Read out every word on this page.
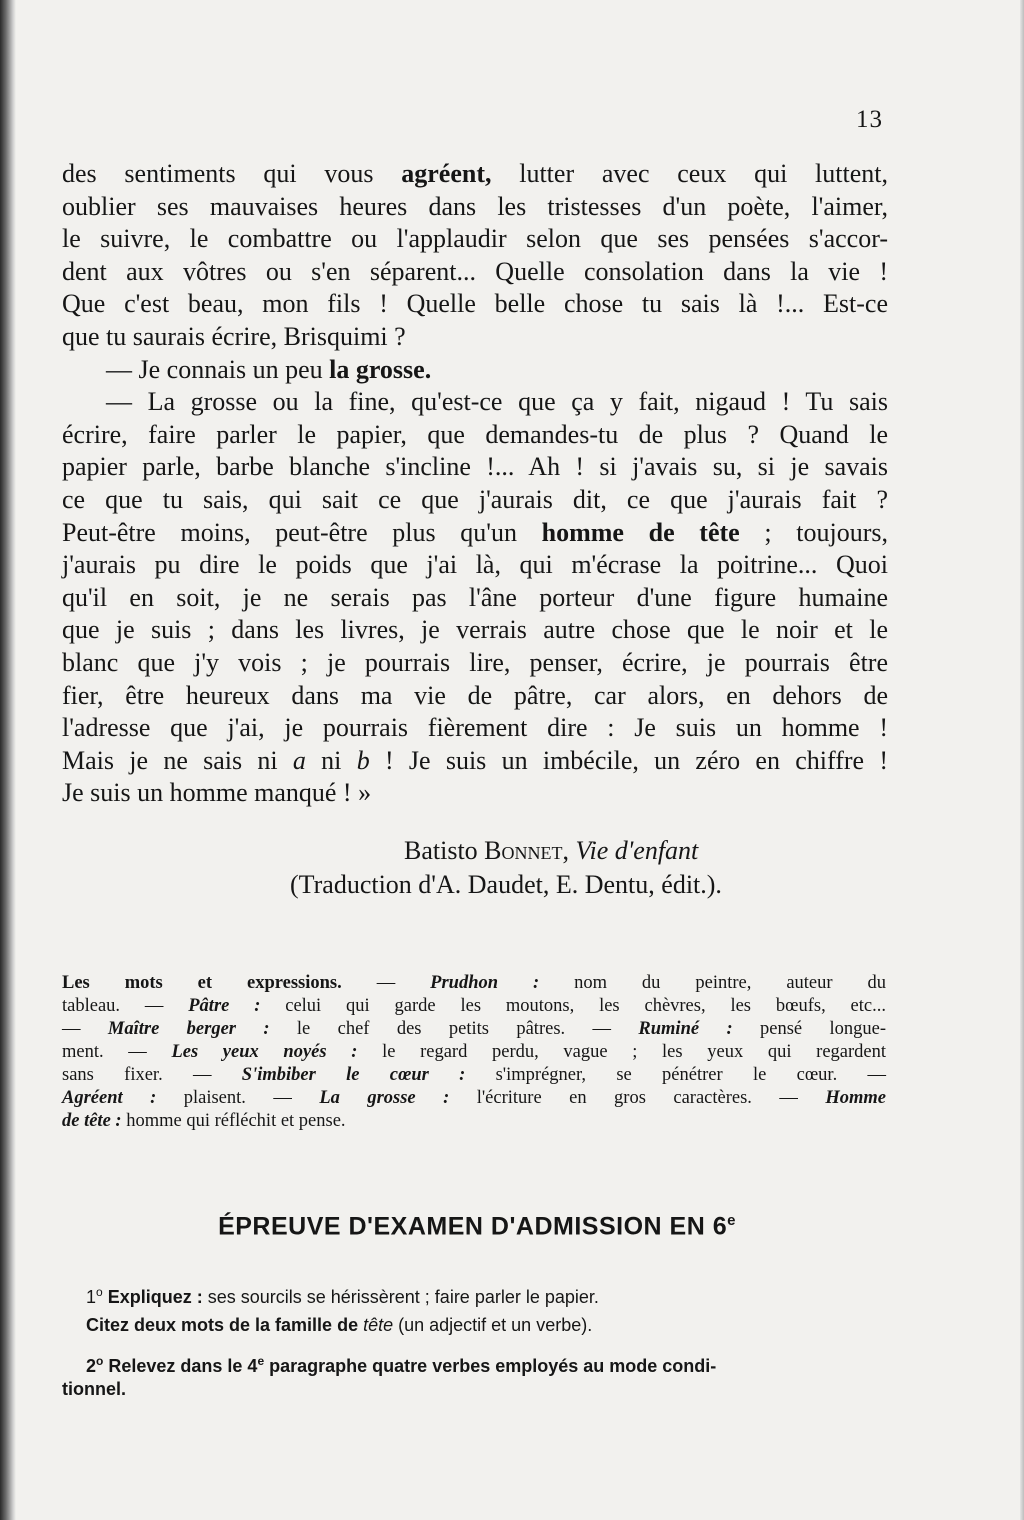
13
des sentiments qui vous agréent, lutter avec ceux qui luttent,
oublier ses mauvaises heures dans les tristesses d'un poète, l'aimer,
le suivre, le combattre ou l'applaudir selon que ses pensées s'accor-
dent aux vôtres ou s'en séparent... Quelle consolation dans la vie !
Que c'est beau, mon fils ! Quelle belle chose tu sais là !... Est-ce
que tu saurais écrire, Brisquimi ?
— Je connais un peu la grosse.
— La grosse ou la fine, qu'est-ce que ça y fait, nigaud ! Tu sais
écrire, faire parler le papier, que demandes-tu de plus ? Quand le
papier parle, barbe blanche s'incline !... Ah ! si j'avais su, si je savais
ce que tu sais, qui sait ce que j'aurais dit, ce que j'aurais fait ?
Peut-être moins, peut-être plus qu'un homme de tête ; toujours,
j'aurais pu dire le poids que j'ai là, qui m'écrase la poitrine... Quoi
qu'il en soit, je ne serais pas l'âne porteur d'une figure humaine
que je suis ; dans les livres, je verrais autre chose que le noir et le
blanc que j'y vois ; je pourrais lire, penser, écrire, je pourrais être
fier, être heureux dans ma vie de pâtre, car alors, en dehors de
l'adresse que j'ai, je pourrais fièrement dire : Je suis un homme !
Mais je ne sais ni a ni b ! Je suis un imbécile, un zéro en chiffre !
Je suis un homme manqué ! »
Batisto Bonnet, Vie d'enfant
(Traduction d'A. Daudet, E. Dentu, édit.).
Les mots et expressions. — Prudhon : nom du peintre, auteur du
tableau. — Pâtre : celui qui garde les moutons, les chèvres, les bœufs, etc...
— Maître berger : le chef des petits pâtres. — Ruminé : pensé longue-
ment. — Les yeux noyés : le regard perdu, vague ; les yeux qui regardent
sans fixer. — S'imbiber le cœur : s'imprégner, se pénétrer le cœur. —
Agréent : plaisent. — La grosse : l'écriture en gros caractères. — Homme
de tête : homme qui réfléchit et pense.
ÉPREUVE D'EXAMEN D'ADMISSION EN 6e
1$^o$ Expliquez : ses sourcils se hérissèrent ; faire parler le papier.
Citez deux mots de la famille de tête (un adjectif et un verbe).
2$^o$ Relevez dans le 4e paragraphe quatre verbes employés au mode condi-
tionnel.
